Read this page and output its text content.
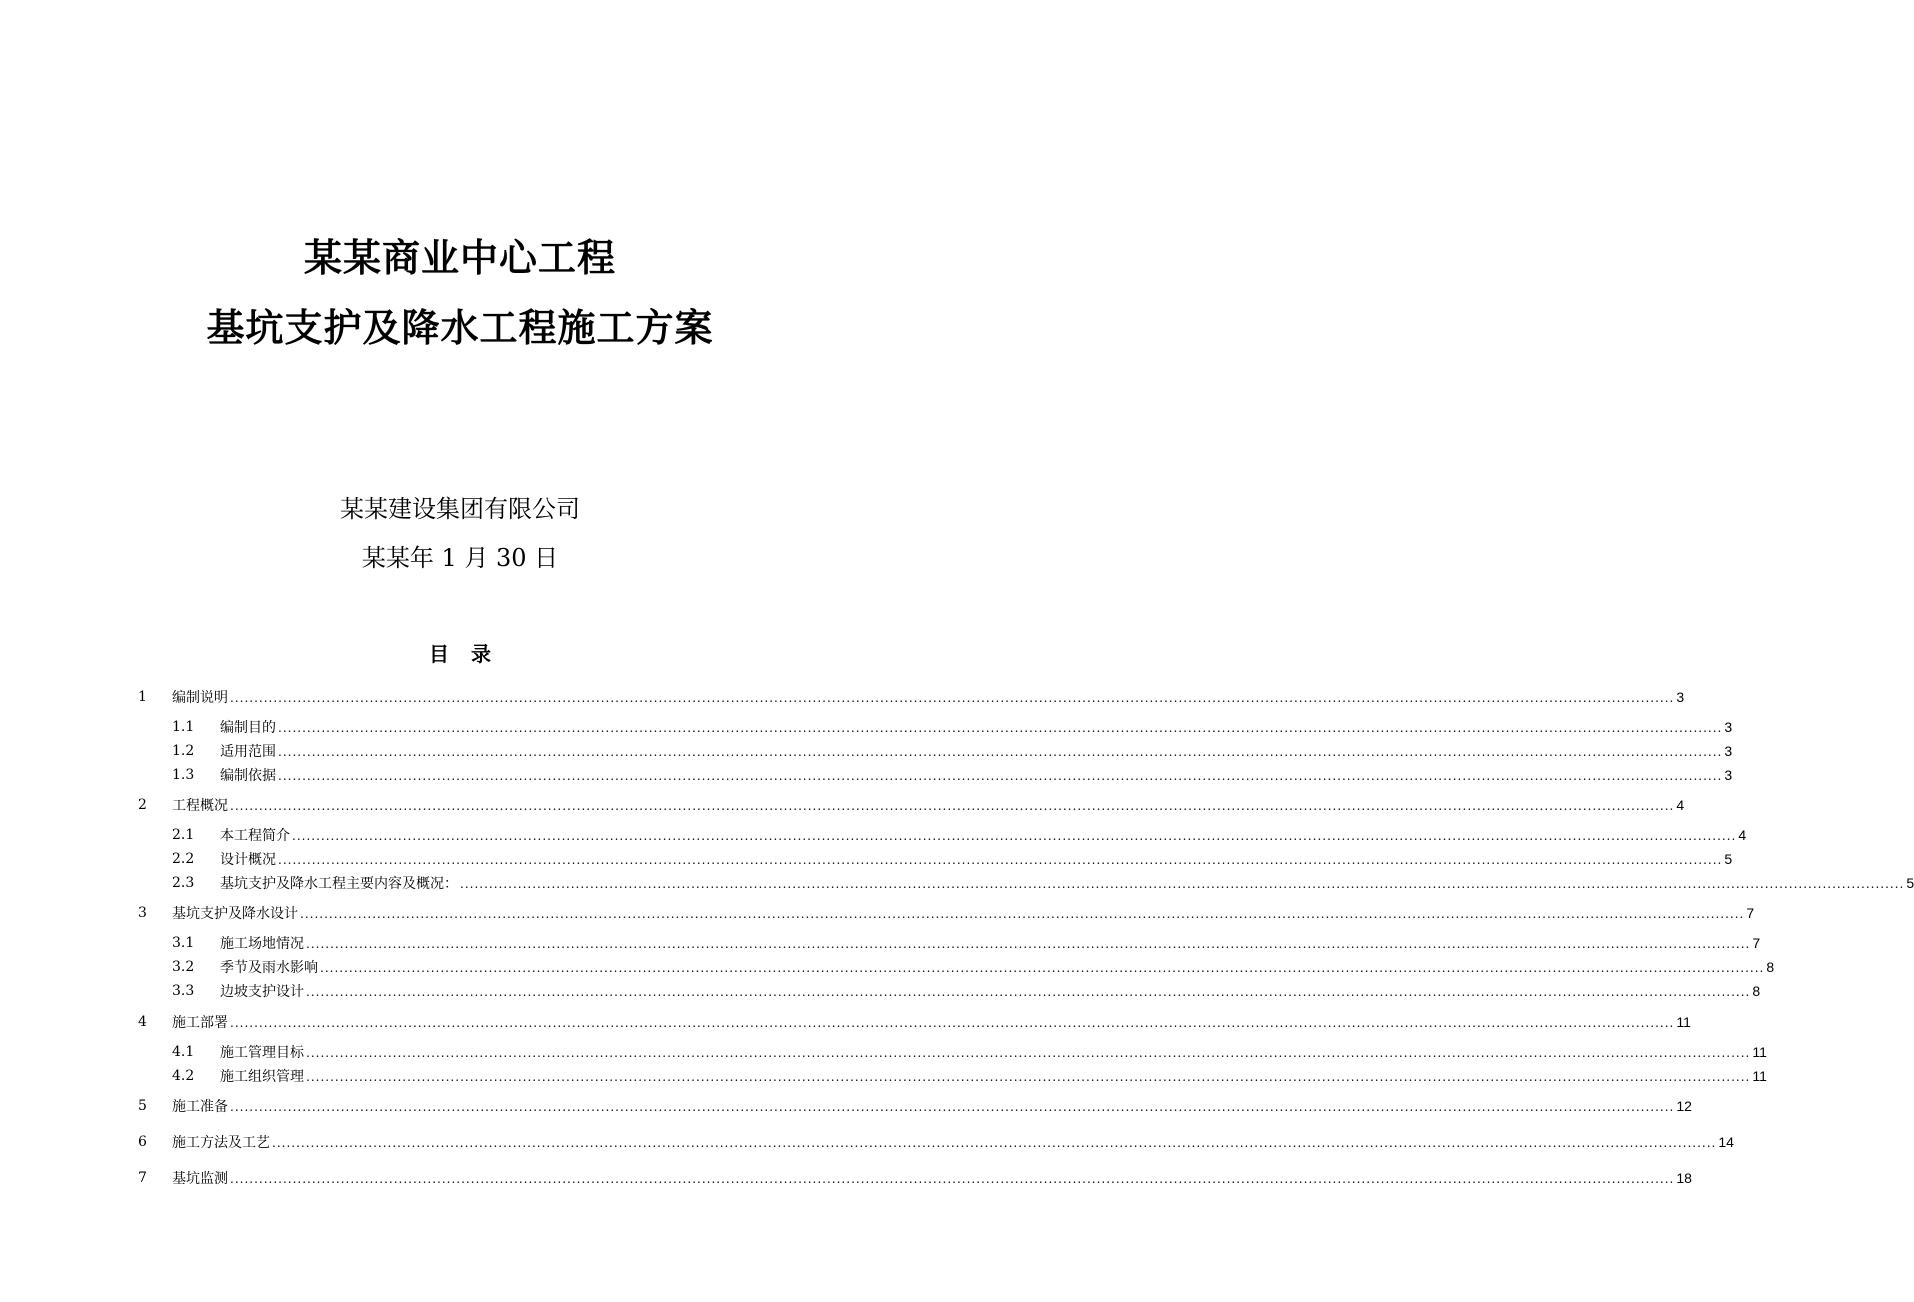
某某商业中心工程
基坑支护及降水工程施工方案
某某建设集团有限公司
某某年 1 月 30 日
目录
1 编制说明 ............................................................................................................................................................................................................................................................................................................ 3
1.1 编制目的 ............................................................................................................................................................................................................................................................................................................ 3
1.2 适用范围 ............................................................................................................................................................................................................................................................................................................ 3
1.3 编制依据 ............................................................................................................................................................................................................................................................................................................ 3
2 工程概况 ............................................................................................................................................................................................................................................................................................................ 4
2.1 本工程简介 ............................................................................................................................................................................................................................................................................................................ 4
2.2 设计概况 ............................................................................................................................................................................................................................................................................................................ 5
2.3 基坑支护及降水工程主要内容及概况： ............................................................................................................................................................................................................................................................................................................ 5
3 基坑支护及降水设计 ............................................................................................................................................................................................................................................................................................................ 7
3.1 施工场地情况 ............................................................................................................................................................................................................................................................................................................ 7
3.2 季节及雨水影响 ............................................................................................................................................................................................................................................................................................................ 8
3.3 边坡支护设计 ............................................................................................................................................................................................................................................................................................................ 8
4 施工部署 ............................................................................................................................................................................................................................................................................................................ 11
4.1 施工管理目标 ............................................................................................................................................................................................................................................................................................................ 11
4.2 施工组织管理 ............................................................................................................................................................................................................................................................................................................ 11
5 施工准备 ............................................................................................................................................................................................................................................................................................................ 12
6 施工方法及工艺 ............................................................................................................................................................................................................................................................................................................ 14
7 基坑监测 ............................................................................................................................................................................................................................................................................................................ 18
